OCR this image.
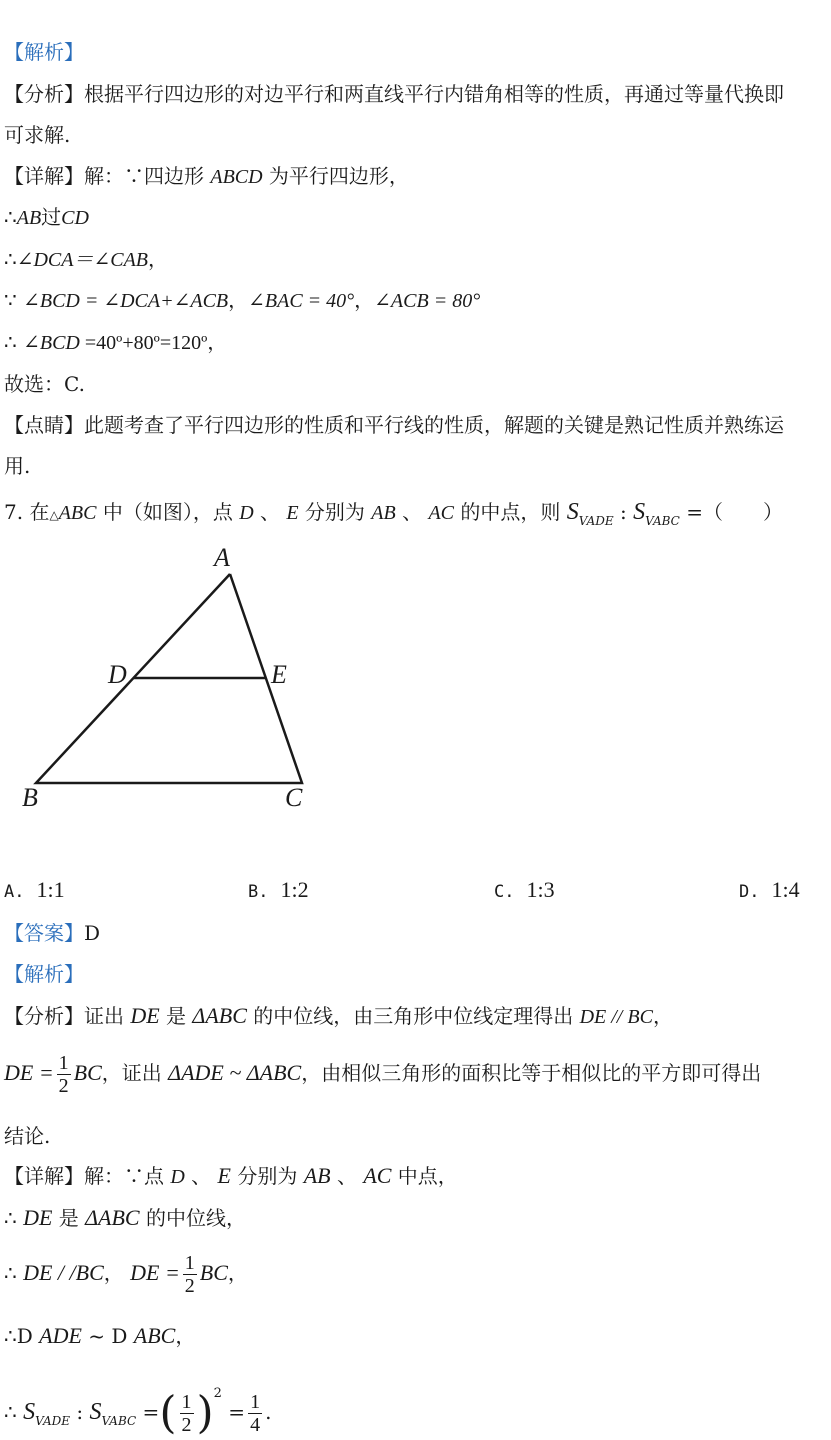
【解析】
【分析】根据平行四边形的对边平行和两直线平行内错角相等的性质，再通过等量代换即
可求解.
【详解】解：∵四边形 ABCD 为平行四边形，
∴AB过CD
∴∠DCA＝∠CAB，
∵ ∠BCD = ∠DCA+∠ACB，∠BAC = 40°，∠ACB = 80°
∴ ∠BCD =40º+80º=120º，
故选：C.
【点睛】此题考查了平行四边形的性质和平行线的性质，解题的关键是熟记性质并熟练运
用.
7. 在△ABC 中（如图），点 D 、 E 分别为 AB 、 AC 的中点，则 $S_{VADE}$ : $S_{VABC}$ =（　　）
A
D	E
B	C
A. 1:1	B. 1:2	C. 1:3	D. 1:4
【答案】D
【解析】
【分析】证出 DE 是 ΔABC 的中位线，由三角形中位线定理得出 DE // BC，
DE = $\frac{1}{2}$ BC，证出 ΔADE ~ ΔABC，由相似三角形的面积比等于相似比的平方即可得出
结论.
【详解】解：∵点 D 、 E 分别为 AB 、 AC 中点，
∴ DE 是 ΔABC 的中位线，
∴ DE / /BC， DE = $\frac{1}{2}$ BC，
∴D ADE ~ D ABC，
∴ $S_{VADE}$ : $S_{VABC}$ =( $\frac{1}{2} )^2 = \frac{1}{4}$ .
